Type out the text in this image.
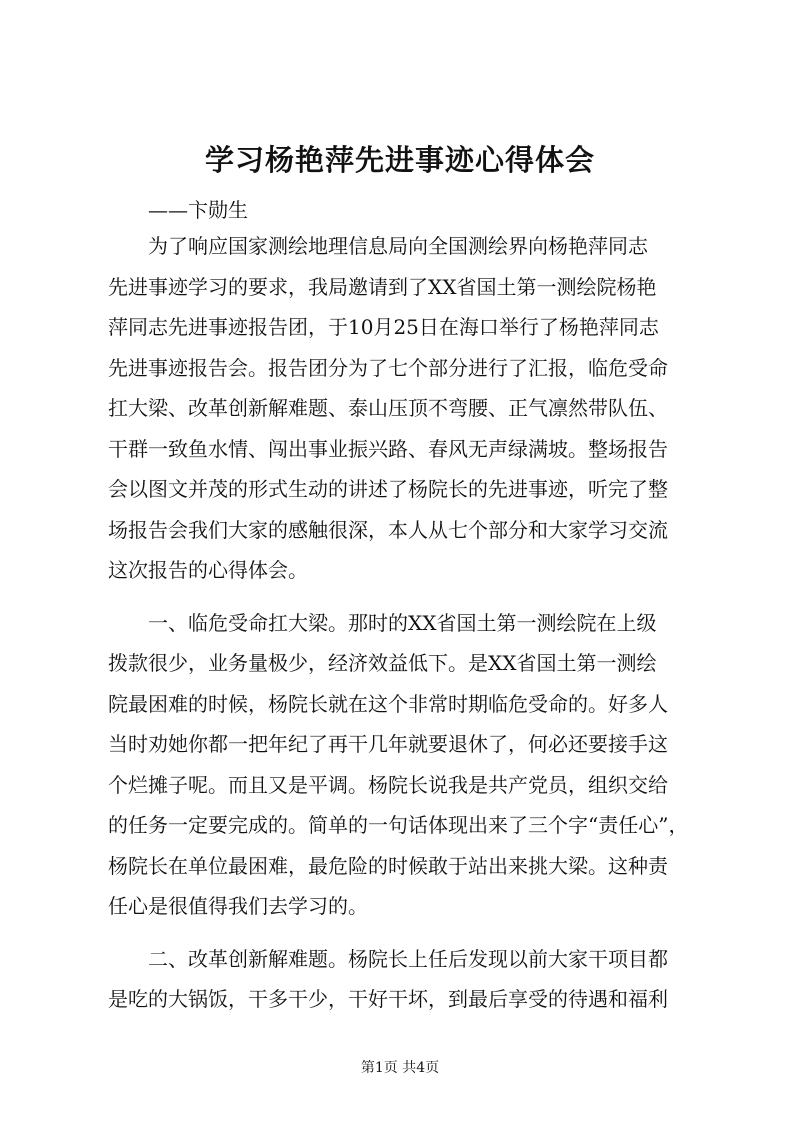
学习杨艳萍先进事迹心得体会
——卞勋生
　　为了响应国家测绘地理信息局向全国测绘界向杨艳萍同志
先进事迹学习的要求，我局邀请到了XX省国土第一测绘院杨艳
萍同志先进事迹报告团，于10月25日在海口举行了杨艳萍同志
先进事迹报告会。报告团分为了七个部分进行了汇报，临危受命
扛大梁、改革创新解难题、泰山压顶不弯腰、正气凛然带队伍、
干群一致鱼水情、闯出事业振兴路、春风无声绿满坡。整场报告
会以图文并茂的形式生动的讲述了杨院长的先进事迹，听完了整
场报告会我们大家的感触很深，本人从七个部分和大家学习交流
这次报告的心得体会。
　　一、临危受命扛大梁。那时的XX省国土第一测绘院在上级
拨款很少，业务量极少，经济效益低下。是XX省国土第一测绘
院最困难的时候，杨院长就在这个非常时期临危受命的。好多人
当时劝她你都一把年纪了再干几年就要退休了，何必还要接手这
个烂摊子呢。而且又是平调。杨院长说我是共产党员，组织交给
的任务一定要完成的。简单的一句话体现出来了三个字“责任心”，
杨院长在单位最困难，最危险的时候敢于站出来挑大梁。这种责
任心是很值得我们去学习的。
　　二、改革创新解难题。杨院长上任后发现以前大家干项目都
是吃的大锅饭，干多干少，干好干坏，到最后享受的待遇和福利
第1页 共4页
